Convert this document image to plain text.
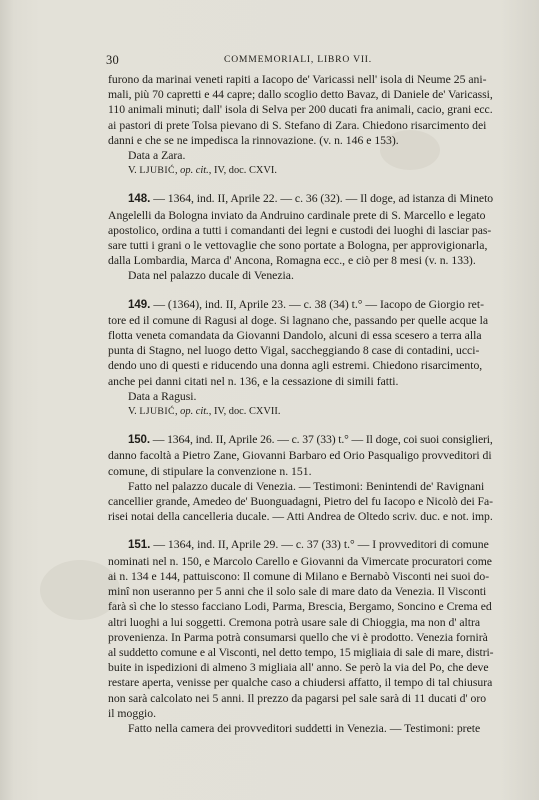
30	COMMEMORIALI, LIBRO VII.
furono da marinai veneti rapiti a Iacopo de' Varicassi nell' isola di Neume 25 ani-
mali, più 70 capretti e 44 capre; dallo scoglio detto Bavaz, di Daniele de' Varicassi,
110 animali minuti; dall' isola di Selva per 200 ducati fra animali, cacio, grani ecc.
ai pastori di prete Tolsa pievano di S. Stefano di Zara. Chiedono risarcimento dei
danni e che se ne impedisca la rinnovazione. (v. n. 146 e 153).
Data a Zara.
V. LJUBIĆ, op. cit., IV, doc. CXVI.
148. — 1364, ind. II, Aprile 22. — c. 36 (32). — Il doge, ad istanza di Mineto
Angelelli da Bologna inviato da Andruino cardinale prete di S. Marcello e legato
apostolico, ordina a tutti i comandanti dei legni e custodi dei luoghi di lasciar pas-
sare tutti i grani o le vettovaglie che sono portate a Bologna, per approvigionarla,
dalla Lombardia, Marca d' Ancona, Romagna ecc., e ciò per 8 mesi (v. n. 133).
Data nel palazzo ducale di Venezia.
149. — (1364), ind. II, Aprile 23. — c. 38 (34) t.° — Iacopo de Giorgio ret-
tore ed il comune di Ragusi al doge. Si lagnano che, passando per quelle acque la
flotta veneta comandata da Giovanni Dandolo, alcuni di essa scesero a terra alla
punta di Stagno, nel luogo detto Vigal, saccheggiando 8 case di contadini, ucci-
dendo uno di questi e riducendo una donna agli estremi. Chiedono risarcimento,
anche pei danni citati nel n. 136, e la cessazione di simili fatti.
Data a Ragusi.
V. LJUBIĆ, op. cit., IV, doc. CXVII.
150. — 1364, ind. II, Aprile 26. — c. 37 (33) t.° — Il doge, coi suoi consiglieri,
danno facoltà a Pietro Zane, Giovanni Barbaro ed Orio Pasqualigo provveditori di
comune, di stipulare la convenzione n. 151.
Fatto nel palazzo ducale di Venezia. — Testimoni: Benintendi de' Ravignani
cancellier grande, Amedeo de' Buonguadagni, Pietro del fu Iacopo e Nicolò dei Fa-
risei notai della cancelleria ducale. — Atti Andrea de Oltedo scriv. duc. e not. imp.
151. — 1364, ind. II, Aprile 29. — c. 37 (33) t.° — I provveditori di comune
nominati nel n. 150, e Marcolo Carello e Giovanni da Vimercate procuratori come
ai n. 134 e 144, pattuiscono: Il comune di Milano e Bernabò Visconti nei suoi do-
minî non useranno per 5 anni che il solo sale di mare dato da Venezia. Il Visconti
farà sì che lo stesso facciano Lodi, Parma, Brescia, Bergamo, Soncino e Crema ed
altri luoghi a lui soggetti. Cremona potrà usare sale di Chioggia, ma non d' altra
provenienza. In Parma potrà consumarsi quello che vi è prodotto. Venezia fornirà
al suddetto comune e al Visconti, nel detto tempo, 15 migliaia di sale di mare, distri-
buite in ispedizioni di almeno 3 migliaia all' anno. Se però la via del Po, che deve
restare aperta, venisse per qualche caso a chiudersi affatto, il tempo di tal chiusura
non sarà calcolato nei 5 anni. Il prezzo da pagarsi pel sale sarà di 11 ducati d' oro
il moggio.
Fatto nella camera dei provveditori suddetti in Venezia. — Testimoni: prete
